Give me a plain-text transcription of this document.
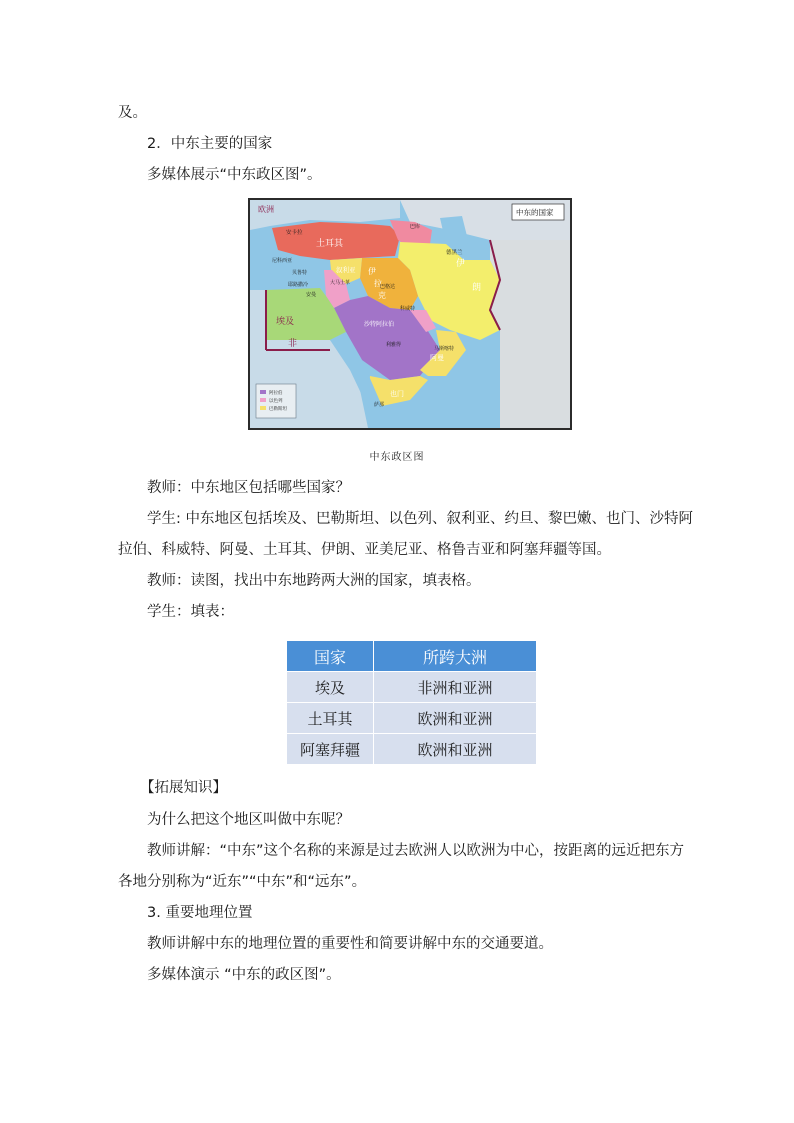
及。
2．中东主要的国家
多媒体展示“中东政区图”。
阿拉伯
以色列
巴勒斯坦
中东的国家
欧洲
土耳其
安卡拉
巴库
尼科西亚
贝鲁特	叙利亚
大马士革
耶路撒冷
安曼
伊
拉
克
巴格达
德黑兰
伊
朗
科威特
沙特阿拉伯
利雅得
马斯喀特
阿曼
也门
萨那
埃及
非
中东政区图
教师：中东地区包括哪些国家？
学生: 中东地区包括埃及、巴勒斯坦、以色列、叙利亚、约旦、黎巴嫩、也门、沙特阿
拉伯、科威特、阿曼、土耳其、伊朗、亚美尼亚、格鲁吉亚和阿塞拜疆等国。
教师：读图，找出中东地跨两大洲的国家，填表格。
学生：填表：
国家	所跨大洲
埃及	非洲和亚洲
土耳其	欧洲和亚洲
阿塞拜疆	欧洲和亚洲
【拓展知识】
为什么把这个地区叫做中东呢？
教师讲解：“中东”这个名称的来源是过去欧洲人以欧洲为中心，按距离的远近把东方
各地分别称为“近东”“中东”和“远东”。
3. 重要地理位置
教师讲解中东的地理位置的重要性和简要讲解中东的交通要道。
多媒体演示 “中东的政区图”。
